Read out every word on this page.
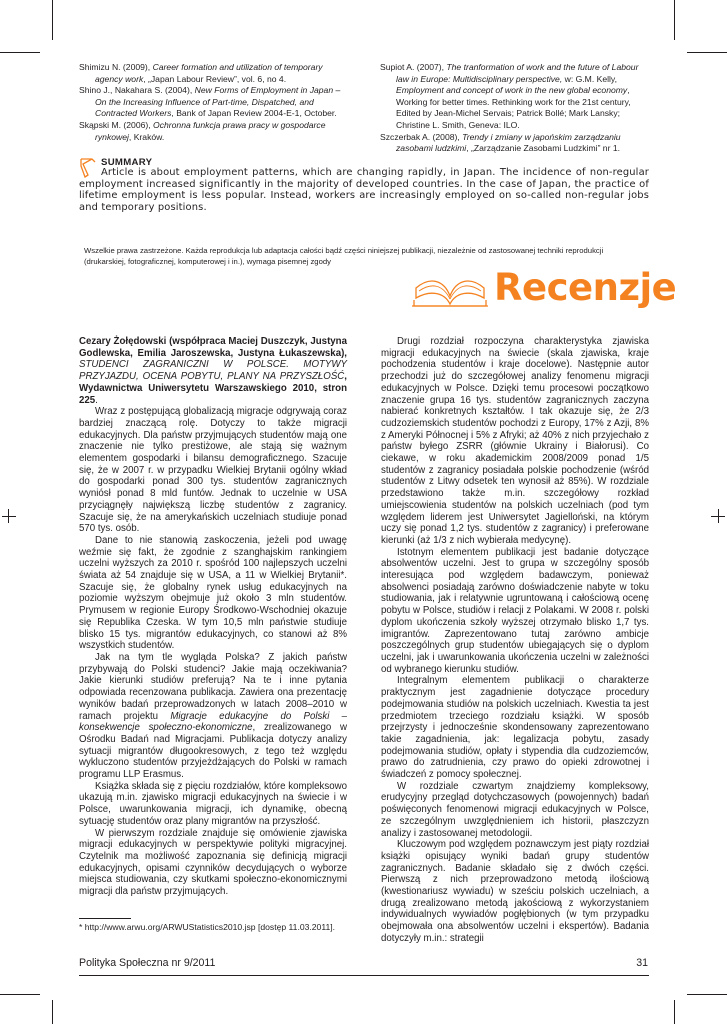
Shimizu N. (2009), Career formation and utilization of temporary agency work, „Japan Labour Review”, vol. 6, no 4.

Shino J., Nakahara S. (2004), New Forms of Employment in Japan – On the Increasing Influence of Part-time, Dispatched, and Contracted Workers, Bank of Japan Review 2004-E-1, October.

Skąpski M. (2006), Ochronna funkcja prawa pracy w gospodarce rynkowej, Kraków.

Supiot A. (2007), The tranformation of work and the future of Labour law in Europe: Multidisciplinary perspective, w: G.M. Kelly, Employment and concept of work in the new global economy, Working for better times. Rethinking work for the 21st century, Edited by Jean-Michel Servais; Patrick Bollé; Mark Lansky; Christine L. Smith, Geneva: ILO.

Szczerbak A. (2008), Trendy i zmiany w japońskim zarządzaniu zasobami ludzkimi, „Zarządzanie Zasobami Ludzkimi” nr 1.

SUMMARY
Article is about employment patterns, which are changing rapidly, in Japan. The incidence of non-regular employment increased significantly in the majority of developed countries. In the case of Japan, the practice of lifetime employment is less popular. Instead, workers are increasingly employed on so-called non-regular jobs and temporary positions.
Wszelkie prawa zastrzeżone. Każda reprodukcja lub adaptacja całości bądź części niniejszej publikacji, niezależnie od zastosowanej techniki reprodukcji (drukarskiej, fotograficznej, komputerowej i in.), wymaga pisemnej zgody
Recenzje

Cezary Żołędowski (współpraca Maciej Duszczyk, Justyna Godlewska, Emilia Jaroszewska, Justyna Łukaszewska), STUDENCI ZAGRANICZNI W POLSCE. MOTYWY PRZYJAZDU, OCENA POBYTU, PLANY NA PRZYSZŁOŚĆ, Wydawnictwa Uniwersytetu Warszawskiego 2010, stron 225.

Wraz z postępującą globalizacją migracje odgrywają coraz bardziej znaczącą rolę. Dotyczy to także migracji edukacyjnych. Dla państw przyjmujących studentów mają one znaczenie nie tylko prestiżowe, ale stają się ważnym elementem gospodarki i bilansu demograficznego. Szacuje się, że w 2007 r. w przypadku Wielkiej Brytanii ogólny wkład do gospodarki ponad 300 tys. studentów zagranicznych wyniósł ponad 8 mld funtów. Jednak to uczelnie w USA przyciągnęły największą liczbę studentów z zagranicy. Szacuje się, że na amerykańskich uczelniach studiuje ponad 570 tys. osób.

Dane to nie stanowią zaskoczenia, jeżeli pod uwagę weźmie się fakt, że zgodnie z szanghajskim rankingiem uczelni wyższych za 2010 r. spośród 100 najlepszych uczelni świata aż 54 znajduje się w USA, a 11 w Wielkiej Brytanii*. Szacuje się, że globalny rynek usług edukacyjnych na poziomie wyższym obejmuje już około 3 mln studentów. Prymusem w regionie Europy Środkowo-Wschodniej okazuje się Republika Czeska. W tym 10,5 mln państwie studiuje blisko 15 tys. migrantów edukacyjnych, co stanowi aż 8% wszystkich studentów.

Jak na tym tle wygląda Polska? Z jakich państw przybywają do Polski studenci? Jakie mają oczekiwania? Jakie kierunki studiów preferują? Na te i inne pytania odpowiada recenzowana publikacja. Zawiera ona prezentację wyników badań przeprowadzonych w latach 2008–2010 w ramach projektu Migracje edukacyjne do Polski – konsekwencje społeczno-ekonomiczne, zrealizowanego w Ośrodku Badań nad Migracjami. Publikacja dotyczy analizy sytuacji migrantów długookresowych, z tego też względu wykluczono studentów przyjeżdżających do Polski w ramach programu LLP Erasmus.

Książka składa się z pięciu rozdziałów, które kompleksowo ukazują m.in. zjawisko migracji edukacyjnych na świecie i w Polsce, uwarunkowania migracji, ich dynamikę, obecną sytuację studentów oraz plany migrantów na przyszłość.

W pierwszym rozdziale znajduje się omówienie zjawiska migracji edukacyjnych w perspektywie polityki migracyjnej. Czytelnik ma możliwość zapoznania się definicją migracji edukacyjnych, opisami czynników decydujących o wyborze miejsca studiowania, czy skutkami społeczno-ekonomicznymi migracji dla państw przyjmujących.

Drugi rozdział rozpoczyna charakterystyka zjawiska migracji edukacyjnych na świecie (skala zjawiska, kraje pochodzenia studentów i kraje docelowe). Następnie autor przechodzi już do szczegółowej analizy fenomenu migracji edukacyjnych w Polsce. Dzięki temu procesowi początkowo znaczenie grupa 16 tys. studentów zagranicznych zaczyna nabierać konkretnych kształtów. I tak okazuje się, że 2/3 cudzoziemskich studentów pochodzi z Europy, 17% z Azji, 8% z Ameryki Północnej i 5% z Afryki; aż 40% z nich przyjechało z państw byłego ZSRR (głównie Ukrainy i Białorusi). Co ciekawe, w roku akademickim 2008/2009 ponad 1/5 studentów z zagranicy posiadała polskie pochodzenie (wśród studentów z Litwy odsetek ten wynosił aż 85%). W rozdziale przedstawiono także m.in. szczegółowy rozkład umiejscowienia studentów na polskich uczelniach (pod tym względem liderem jest Uniwersytet Jagielloński, na którym uczy się ponad 1,2 tys. studentów z zagranicy) i preferowane kierunki (aż 1/3 z nich wybierała medycynę).

Istotnym elementem publikacji jest badanie dotyczące absolwentów uczelni. Jest to grupa w szczególny sposób interesująca pod względem badawczym, ponieważ absolwenci posiadają zarówno doświadczenie nabyte w toku studiowania, jak i relatywnie ugruntowaną i całościową ocenę pobytu w Polsce, studiów i relacji z Polakami. W 2008 r. polski dyplom ukończenia szkoły wyższej otrzymało blisko 1,7 tys. imigrantów. Zaprezentowano tutaj zarówno ambicje poszczególnych grup studentów ubiegających się o dyplom uczelni, jak i uwarunkowania ukończenia uczelni w zależności od wybranego kierunku studiów.

Integralnym elementem publikacji o charakterze praktycznym jest zagadnienie dotyczące procedury podejmowania studiów na polskich uczelniach. Kwestia ta jest przedmiotem trzeciego rozdziału książki. W sposób przejrzysty i jednocześnie skondensowany zaprezentowano takie zagadnienia, jak: legalizacja pobytu, zasady podejmowania studiów, opłaty i stypendia dla cudzoziemców, prawo do zatrudnienia, czy prawo do opieki zdrowotnej i świadczeń z pomocy społecznej.

W rozdziale czwartym znajdziemy kompleksowy, erudycyjny przegląd dotychczasowych (powojennych) badań poświęconych fenomenowi migracji edukacyjnych w Polsce, ze szczególnym uwzględnieniem ich historii, płaszczyzn analizy i zastosowanej metodologii.

Kluczowym pod względem poznawczym jest piąty rozdział książki opisujący wyniki badań grupy studentów zagranicznych. Badanie składało się z dwóch części. Pierwszą z nich przeprowadzono metodą ilościową (kwestionariusz wywiadu) w sześciu polskich uczelniach, a drugą zrealizowano metodą jakościową z wykorzystaniem indywidualnych wywiadów pogłębionych (w tym przypadku obejmowała ona absolwentów uczelni i ekspertów). Badania dotyczyły m.in.: strategii

* http://www.arwu.org/ARWUStatistics2010.jsp [dostęp 11.03.2011].
Polityka Społeczna nr 9/2011	31
